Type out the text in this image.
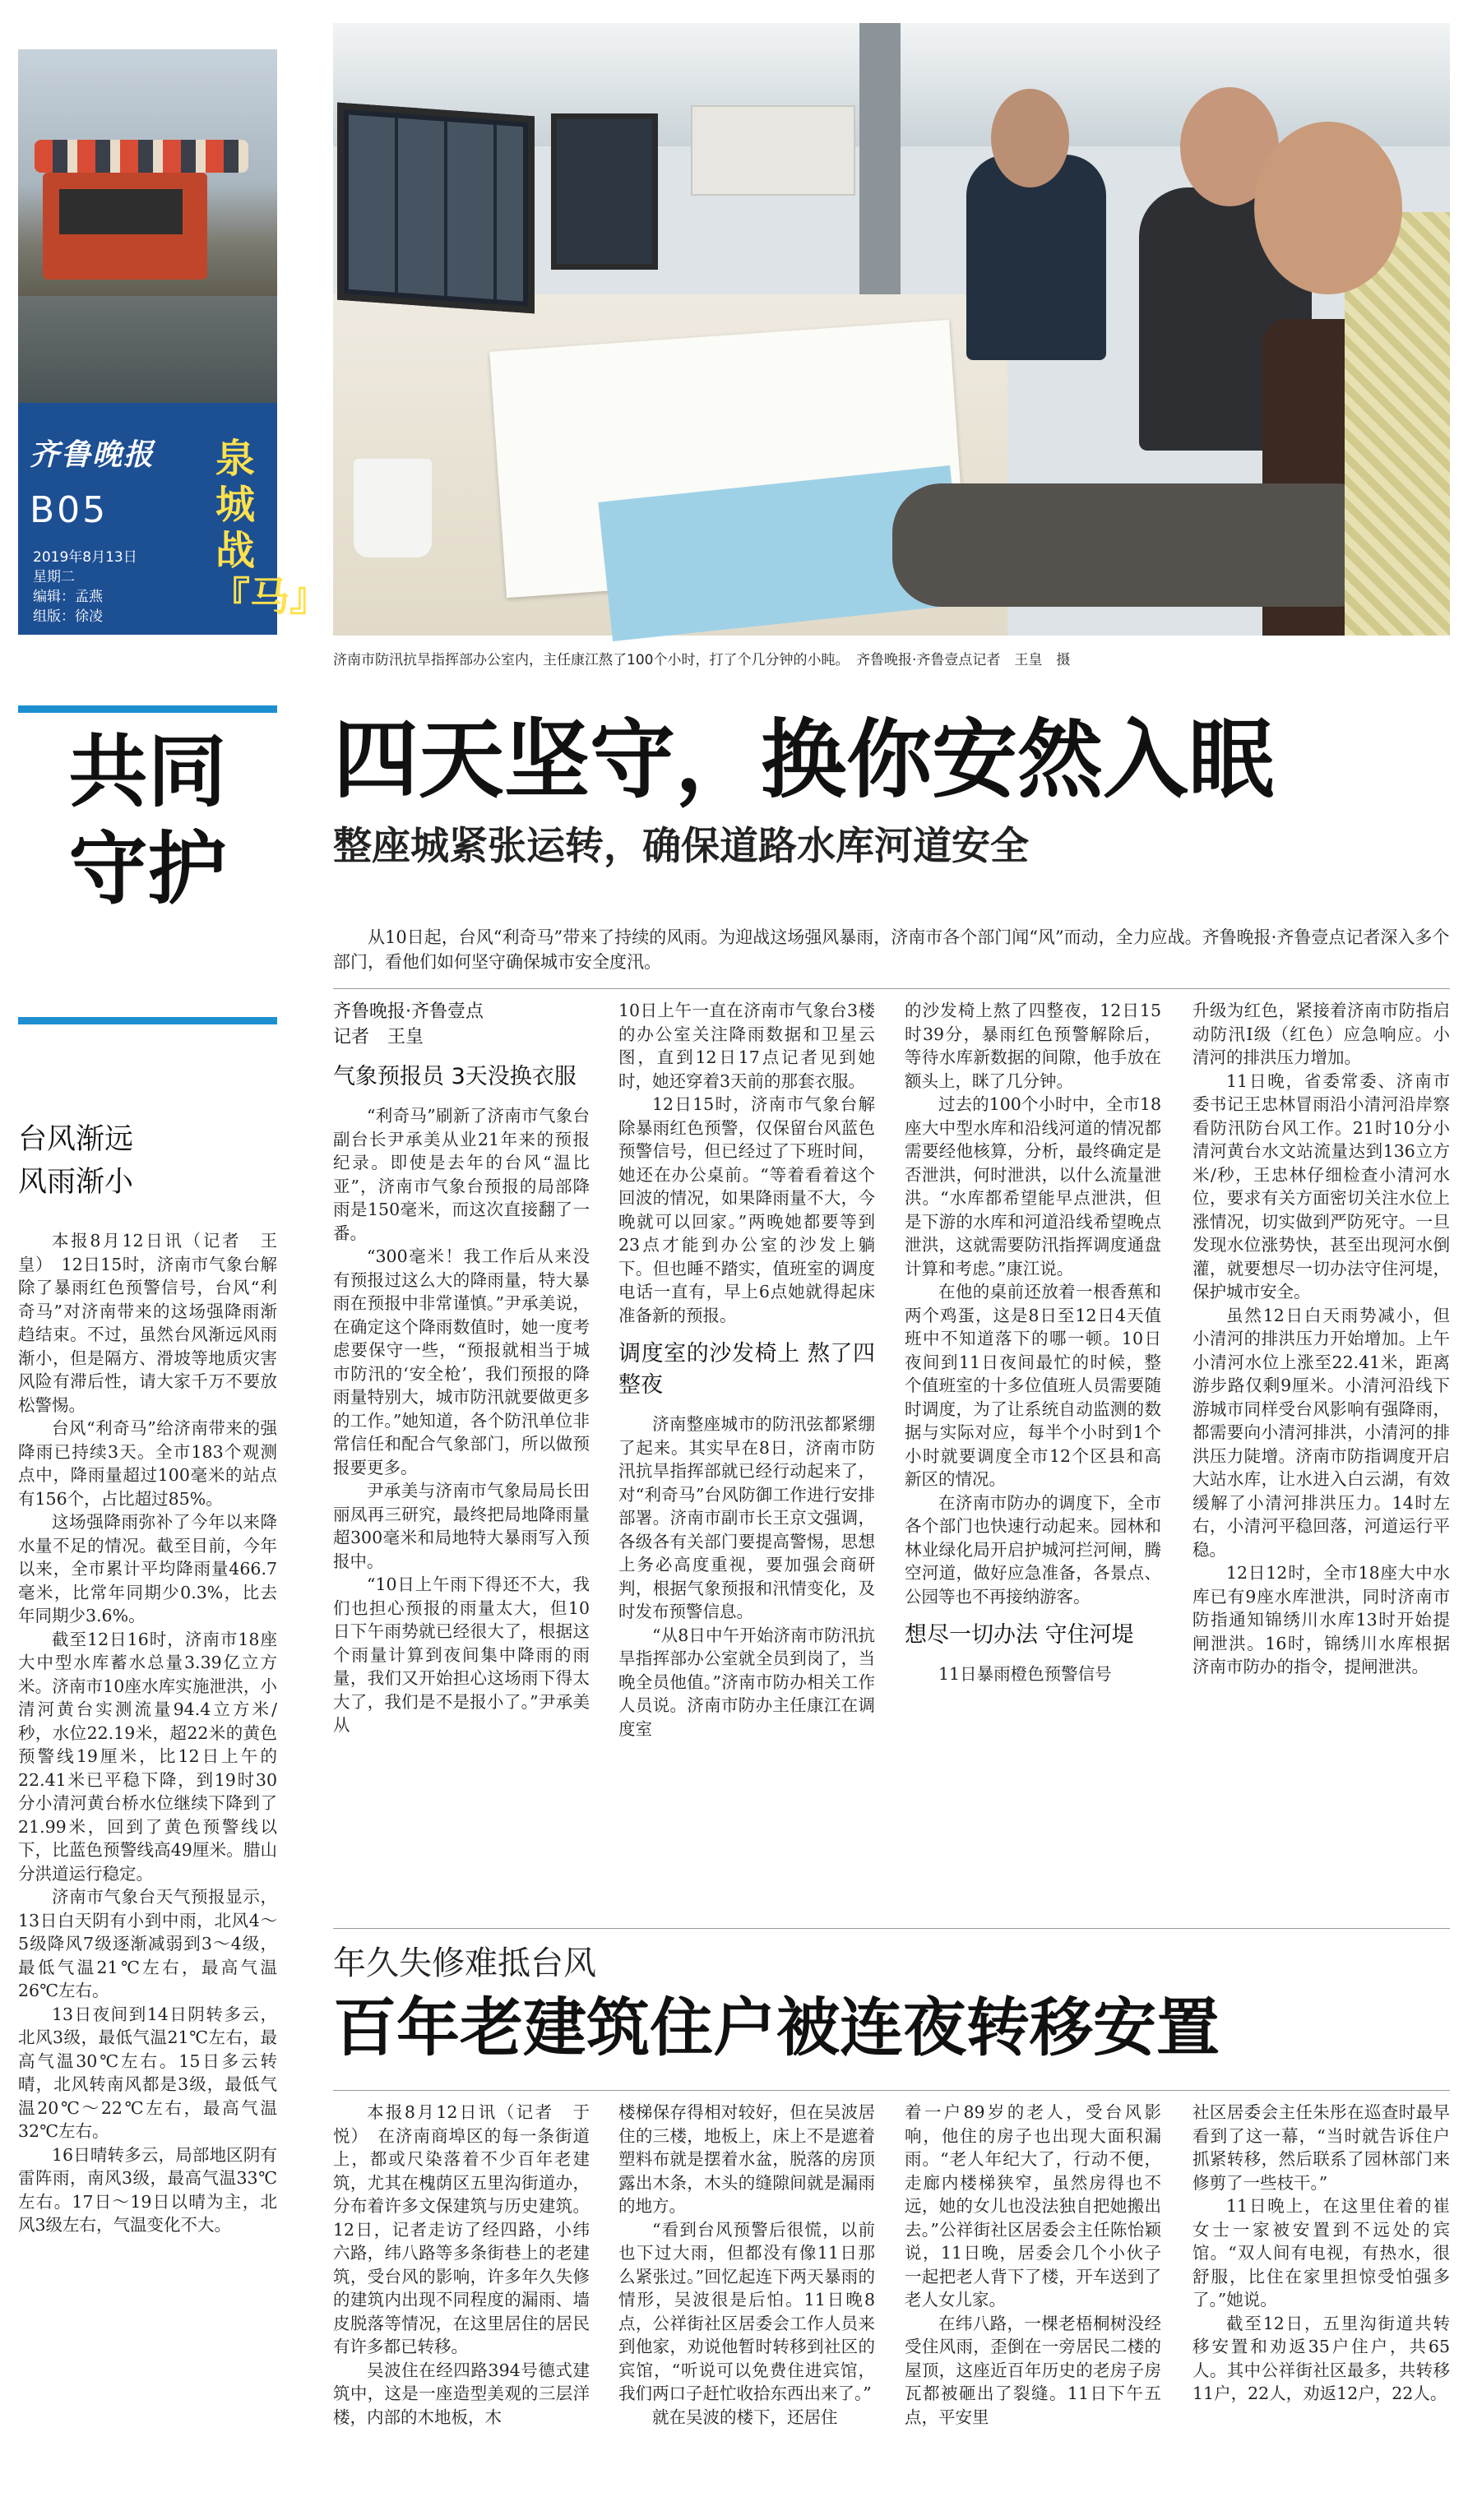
齐鲁晚报
B05
2019年8月13日
星期二
编辑：孟燕
组版：徐凌
泉城战『马』
济南市防汛抗旱指挥部办公室内，主任康江熬了100个小时，打了个几分钟的小盹。　齐鲁晚报·齐鲁壹点记者　王皇　摄
共同
守护
台风渐远
风雨渐小

本报8月12日讯（记者　王皇）　12日15时，济南市气象台解除了暴雨红色预警信号，台风“利奇马”对济南带来的这场强降雨渐趋结束。不过，虽然台风渐远风雨渐小，但是隔方、滑坡等地质灾害风险有滞后性，请大家千万不要放松警惕。

台风“利奇马”给济南带来的强降雨已持续3天。全市183个观测点中，降雨量超过100毫米的站点有156个，占比超过85%。

这场强降雨弥补了今年以来降水量不足的情况。截至目前，今年以来，全市累计平均降雨量466.7毫米，比常年同期少0.3%，比去年同期少3.6%。

截至12日16时，济南市18座大中型水库蓄水总量3.39亿立方米。济南市10座水库实施泄洪，小清河黄台实测流量94.4立方米/秒，水位22.19米，超22米的黄色预警线19厘米，比12日上午的22.41米已平稳下降，到19时30分小清河黄台桥水位继续下降到了21.99米，回到了黄色预警线以下，比蓝色预警线高49厘米。腊山分洪道运行稳定。

济南市气象台天气预报显示，13日白天阴有小到中雨，北风4～5级降风7级逐渐减弱到3～4级，最低气温21℃左右，最高气温26℃左右。

13日夜间到14日阴转多云，北风3级，最低气温21℃左右，最高气温30℃左右。15日多云转晴，北风转南风都是3级，最低气温20℃～22℃左右，最高气温32℃左右。

16日晴转多云，局部地区阴有雷阵雨，南风3级，最高气温33℃左右。17日～19日以晴为主，北风3级左右，气温变化不大。

四天坚守，换你安然入眠
整座城紧张运转，确保道路水库河道安全
从10日起，台风“利奇马”带来了持续的风雨。为迎战这场强风暴雨，济南市各个部门闻“风”而动，全力应战。齐鲁晚报·齐鲁壹点记者深入多个部门，看他们如何坚守确保城市安全度汛。

齐鲁晚报·齐鲁壹点

记者　王皇

气象预报员 3天没换衣服

“利奇马”刷新了济南市气象台副台长尹承美从业21年来的预报纪录。即使是去年的台风“温比亚”，济南市气象台预报的局部降雨是150毫米，而这次直接翻了一番。

“300毫米！我工作后从来没有预报过这么大的降雨量，特大暴雨在预报中非常谨慎。”尹承美说，在确定这个降雨数值时，她一度考虑要保守一些，“预报就相当于城市防汛的‘安全枪’，我们预报的降雨量特别大，城市防汛就要做更多的工作。”她知道，各个防汛单位非常信任和配合气象部门，所以做预报要更多。

尹承美与济南市气象局局长田丽凤再三研究，最终把局地降雨量超300毫米和局地特大暴雨写入预报中。

“10日上午雨下得还不大，我们也担心预报的雨量太大，但10日下午雨势就已经很大了，根据这个雨量计算到夜间集中降雨的雨量，我们又开始担心这场雨下得太大了，我们是不是报小了。”尹承美从

10日上午一直在济南市气象台3楼的办公室关注降雨数据和卫星云图，直到12日17点记者见到她时，她还穿着3天前的那套衣服。

12日15时，济南市气象台解除暴雨红色预警，仅保留台风蓝色预警信号，但已经过了下班时间，她还在办公桌前。“等着看着这个回波的情况，如果降雨量不大，今晚就可以回家。”两晚她都要等到23点才能到办公室的沙发上躺下。但也睡不踏实，值班室的调度电话一直有，早上6点她就得起床准备新的预报。

调度室的沙发椅上 熬了四整夜

济南整座城市的防汛弦都紧绷了起来。其实早在8日，济南市防汛抗旱指挥部就已经行动起来了，对“利奇马”台风防御工作进行安排部署。济南市副市长王京文强调，各级各有关部门要提高警惕，思想上务必高度重视，要加强会商研判，根据气象预报和汛情变化，及时发布预警信息。

“从8日中午开始济南市防汛抗旱指挥部办公室就全员到岗了，当晚全员他值。”济南市防办相关工作人员说。济南市防办主任康江在调度室

的沙发椅上熬了四整夜，12日15时39分，暴雨红色预警解除后，等待水库新数据的间隙，他手放在额头上，眯了几分钟。

过去的100个小时中，全市18座大中型水库和沿线河道的情况都需要经他核算，分析，最终确定是否泄洪，何时泄洪，以什么流量泄洪。“水库都希望能早点泄洪，但是下游的水库和河道沿线希望晚点泄洪，这就需要防汛指挥调度通盘计算和考虑。”康江说。

在他的桌前还放着一根香蕉和两个鸡蛋，这是8日至12日4天值班中不知道落下的哪一顿。10日夜间到11日夜间最忙的时候，整个值班室的十多位值班人员需要随时调度，为了让系统自动监测的数据与实际对应，每半个小时到1个小时就要调度全市12个区县和高新区的情况。

在济南市防办的调度下，全市各个部门也快速行动起来。园林和林业绿化局开启护城河拦河闸，腾空河道，做好应急准备，各景点、公园等也不再接纳游客。

想尽一切办法 守住河堤

11日暴雨橙色预警信号

升级为红色，紧接着济南市防指启动防汛Ⅰ级（红色）应急响应。小清河的排洪压力增加。

11日晚，省委常委、济南市委书记王忠林冒雨沿小清河沿岸察看防汛防台风工作。21时10分小清河黄台水文站流量达到136立方米/秒，王忠林仔细检查小清河水位，要求有关方面密切关注水位上涨情况，切实做到严防死守。一旦发现水位涨势快，甚至出现河水倒灌，就要想尽一切办法守住河堤，保护城市安全。

虽然12日白天雨势减小，但小清河的排洪压力开始增加。上午小清河水位上涨至22.41米，距离游步路仅剩9厘米。小清河沿线下游城市同样受台风影响有强降雨，都需要向小清河排洪，小清河的排洪压力陡增。济南市防指调度开启大站水库，让水进入白云湖，有效缓解了小清河排洪压力。14时左右，小清河平稳回落，河道运行平稳。

12日12时，全市18座大中水库已有9座水库泄洪，同时济南市防指通知锦绣川水库13时开始提闸泄洪。16时，锦绣川水库根据济南市防办的指令，提闸泄洪。

年久失修难抵台风
百年老建筑住户被连夜转移安置

本报8月12日讯（记者　于悦）　在济南商埠区的每一条街道上，都或尺染落着不少百年老建筑，尤其在槐荫区五里沟街道办，分布着许多文保建筑与历史建筑。12日，记者走访了经四路，小纬六路，纬八路等多条街巷上的老建筑，受台风的影响，许多年久失修的建筑内出现不同程度的漏雨、墙皮脱落等情况，在这里居住的居民有许多都已转移。

吴波住在经四路394号德式建筑中，这是一座造型美观的三层洋楼，内部的木地板，木

楼梯保存得相对较好，但在吴波居住的三楼，地板上，床上不是遮着塑料布就是摆着水盆，脱落的房顶露出木条，木头的缝隙间就是漏雨的地方。

“看到台风预警后很慌，以前也下过大雨，但都没有像11日那么紧张过。”回忆起连下两天暴雨的情形，吴波很是后怕。11日晚8点，公祥街社区居委会工作人员来到他家，劝说他暂时转移到社区的宾馆，“听说可以免费住进宾馆，我们两口子赶忙收拾东西出来了。”

就在吴波的楼下，还居住

着一户89岁的老人，受台风影响，他住的房子也出现大面积漏雨。“老人年纪大了，行动不便，走廊内楼梯狭窄，虽然房得也不远，她的女儿也没法独自把她搬出去。”公祥街社区居委会主任陈怡颖说，11日晚，居委会几个小伙子一起把老人背下了楼，开车送到了老人女儿家。

在纬八路，一棵老梧桐树没经受住风雨，歪倒在一旁居民二楼的屋顶，这座近百年历史的老房子房瓦都被砸出了裂缝。11日下午五点，平安里

社区居委会主任朱彤在巡查时最早看到了这一幕，“当时就告诉住户抓紧转移，然后联系了园林部门来修剪了一些枝干。”

11日晚上，在这里住着的崔女士一家被安置到不远处的宾馆。“双人间有电视，有热水，很舒服，比住在家里担惊受怕强多了。”她说。

截至12日，五里沟街道共转移安置和劝返35户住户，共65人。其中公祥街社区最多，共转移11户，22人，劝返12户，22人。
